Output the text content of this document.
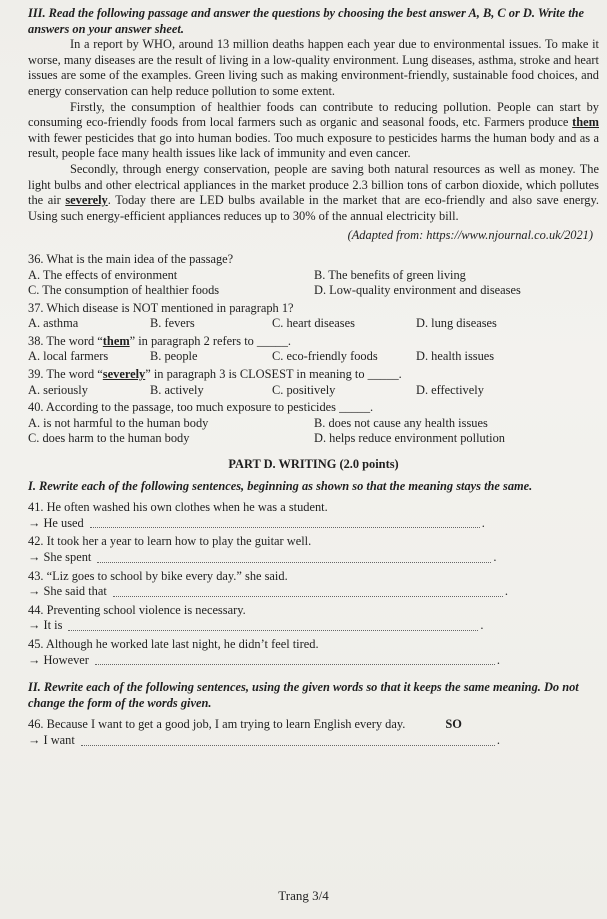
III. Read the following passage and answer the questions by choosing the best answer A, B, C or D. Write the answers on your answer sheet.

In a report by WHO, around 13 million deaths happen each year due to environmental issues. To make it worse, many diseases are the result of living in a low-quality environment. Lung diseases, asthma, stroke and heart issues are some of the examples. Green living such as making environment-friendly, sustainable food choices, and energy conservation can help reduce pollution to some extent.

Firstly, the consumption of healthier foods can contribute to reducing pollution. People can start by consuming eco-friendly foods from local farmers such as organic and seasonal foods, etc. Farmers produce them with fewer pesticides that go into human bodies. Too much exposure to pesticides harms the human body and as a result, people face many health issues like lack of immunity and even cancer.

Secondly, through energy conservation, people are saving both natural resources as well as money. The light bulbs and other electrical appliances in the market produce 2.3 billion tons of carbon dioxide, which pollutes the air severely. Today there are LED bulbs available in the market that are eco-friendly and also save energy. Using such energy-efficient appliances reduces up to 30% of the annual electricity bill.

(Adapted from: https://www.njournal.co.uk/2021)

36. What is the main idea of the passage?

A. The effects of environment	B. The benefits of green living
C. The consumption of healthier foods	D. Low-quality environment and diseases

37. Which disease is NOT mentioned in paragraph 1?

A. asthma	B. fevers	C. heart diseases	D. lung diseases

38. The word “them” in paragraph 2 refers to _____.

A. local farmers	B. people	C. eco-friendly foods	D. health issues

39. The word “severely” in paragraph 3 is CLOSEST in meaning to _____.

A. seriously	B. actively	C. positively	D. effectively

40. According to the passage, too much exposure to pesticides _____.

A. is not harmful to the human body	B. does not cause any health issues
C. does harm to the human body	D. helps reduce environment pollution

PART D. WRITING (2.0 points)

I. Rewrite each of the following sentences, beginning as shown so that the meaning stays the same.

41. He often washed his own clothes when he was a student.

→ He used	.

42. It took her a year to learn how to play the guitar well.

→ She spent	.

43. “Liz goes to school by bike every day.” she said.

→ She said that	.

44. Preventing school violence is necessary.

→ It is	.

45. Although he worked late last night, he didn’t feel tired.

→ However	.

II. Rewrite each of the following sentences, using the given words so that it keeps the same meaning. Do not change the form of the words given.

46. Because I want to get a good job, I am trying to learn English every day.	SO
→ I want	.
Trang 3/4
